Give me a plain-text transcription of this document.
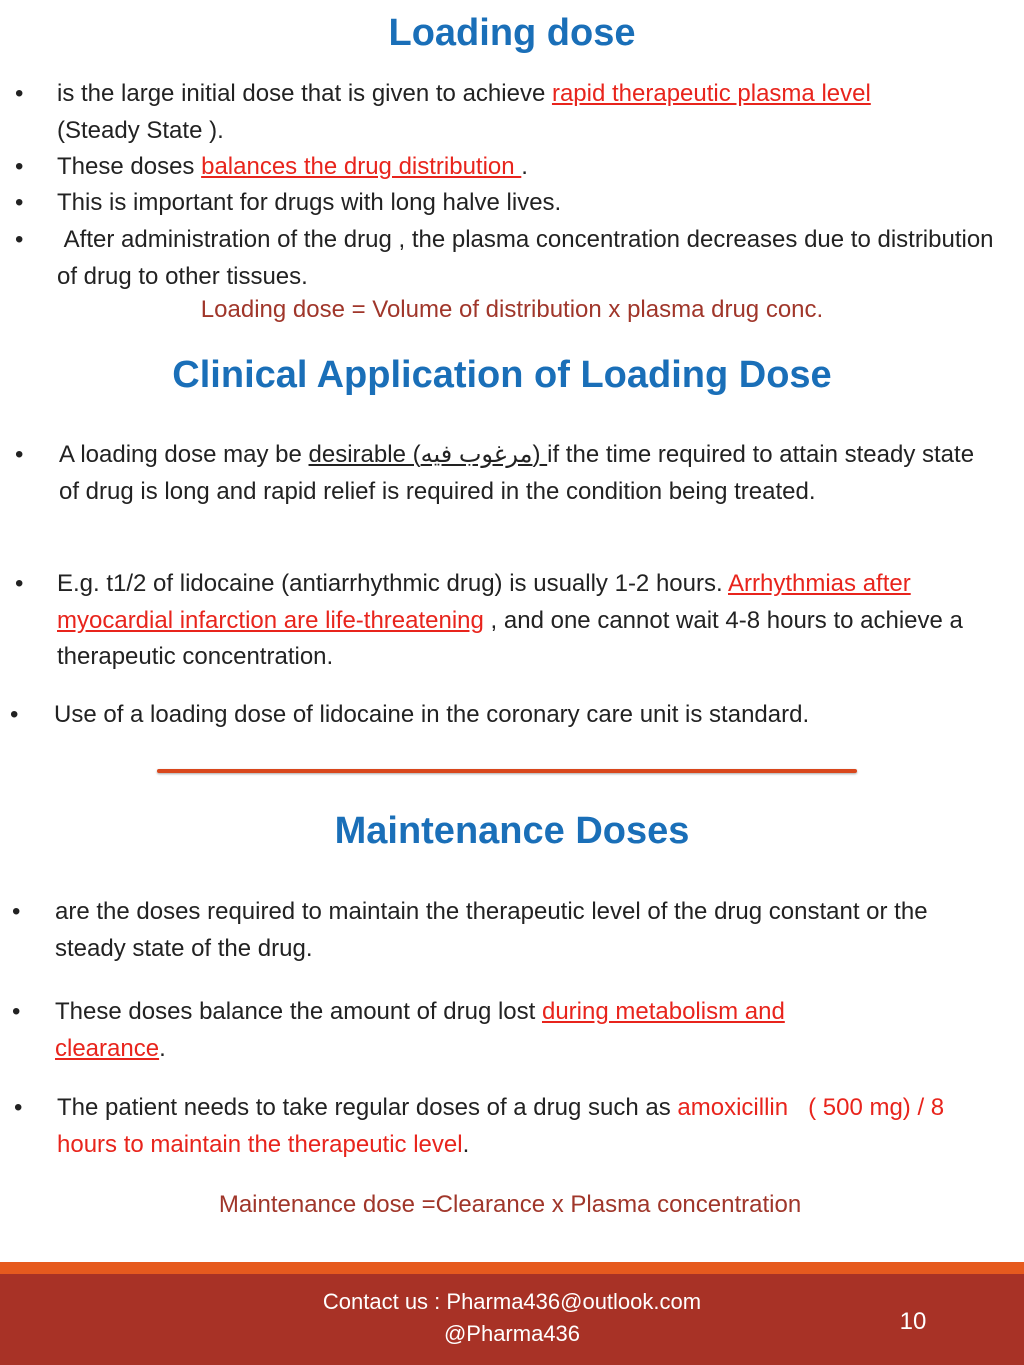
Loading dose
• is the large initial dose that is given to achieve rapid therapeutic plasma level
(Steady State ).

• These doses balances the drug distribution .

• This is important for drugs with long halve lives.

• After administration of the drug , the plasma concentration decreases due to distribution of drug to other tissues.

Loading dose = Volume of distribution x plasma drug conc.
Clinical Application of Loading Dose
• A loading dose may be desirable (مرغوب فيه) if the time required to attain steady state of drug is long and rapid relief is required in the condition being treated.

• E.g. t1/2 of lidocaine (antiarrhythmic drug) is usually 1-2 hours. Arrhythmias after myocardial infarction are life-threatening , and one cannot wait 4-8 hours to achieve a therapeutic concentration.

• Use of a loading dose of lidocaine in the coronary care unit is standard.

Maintenance Doses
• are the doses required to maintain the therapeutic level of the drug constant or the steady state of the drug.

• These doses balance the amount of drug lost during metabolism and clearance.

• The patient needs to take regular doses of a drug such as amoxicillin   ( 500 mg) / 8 hours to maintain the therapeutic level.

Maintenance dose =Clearance x Plasma concentration
Contact us : Pharma436@outlook.com
@Pharma436	10
